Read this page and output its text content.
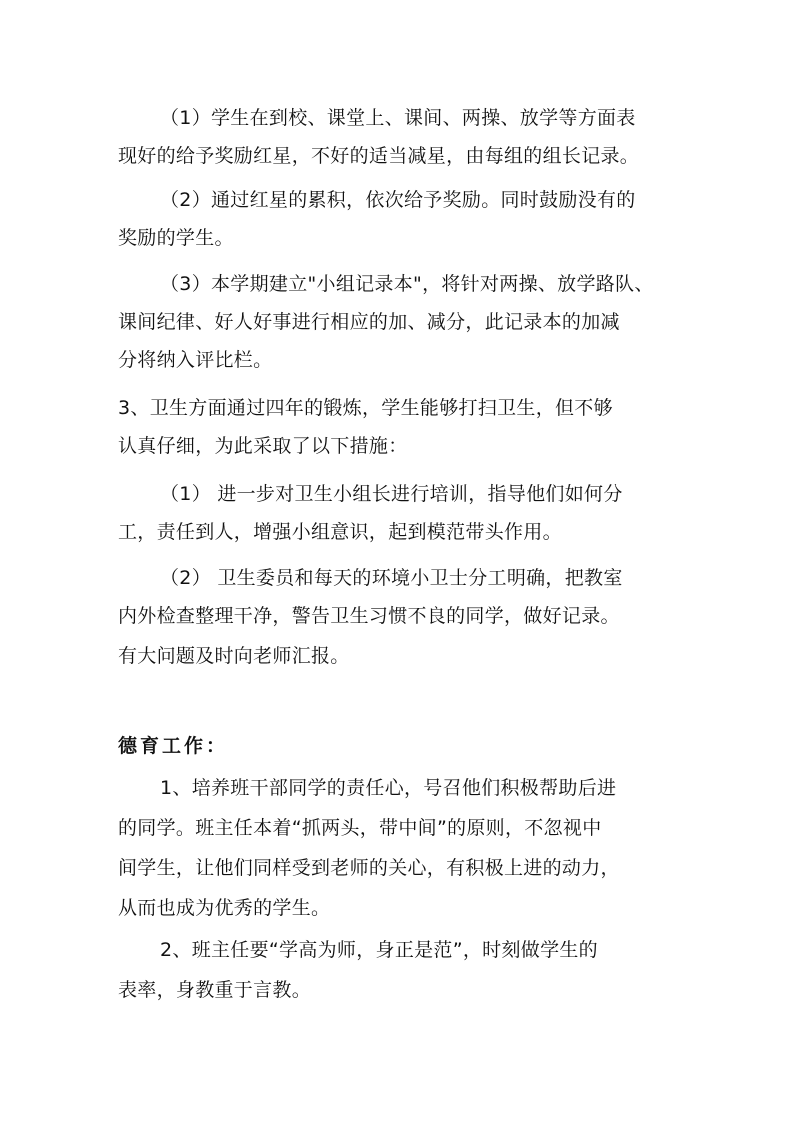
（1）学生在到校、课堂上、课间、两操、放学等方面表
现好的给予奖励红星，不好的适当减星，由每组的组长记录。
（2）通过红星的累积，依次给予奖励。同时鼓励没有的
奖励的学生。
（3）本学期建立"小组记录本"，将针对两操、放学路队、
课间纪律、好人好事进行相应的加、减分，此记录本的加减
分将纳入评比栏。
3、卫生方面通过四年的锻炼，学生能够打扫卫生，但不够
认真仔细，为此采取了以下措施：
（1） 进一步对卫生小组长进行培训，指导他们如何分
工，责任到人，增强小组意识，起到模范带头作用。
（2） 卫生委员和每天的环境小卫士分工明确，把教室
内外检查整理干净，警告卫生习惯不良的同学，做好记录。
有大问题及时向老师汇报。
德育工作：
1、培养班干部同学的责任心，号召他们积极帮助后进
的同学。班主任本着“抓两头，带中间”的原则，不忽视中
间学生，让他们同样受到老师的关心，有积极上进的动力，
从而也成为优秀的学生。
2、班主任要“学高为师，身正是范”，时刻做学生的
表率，身教重于言教。
